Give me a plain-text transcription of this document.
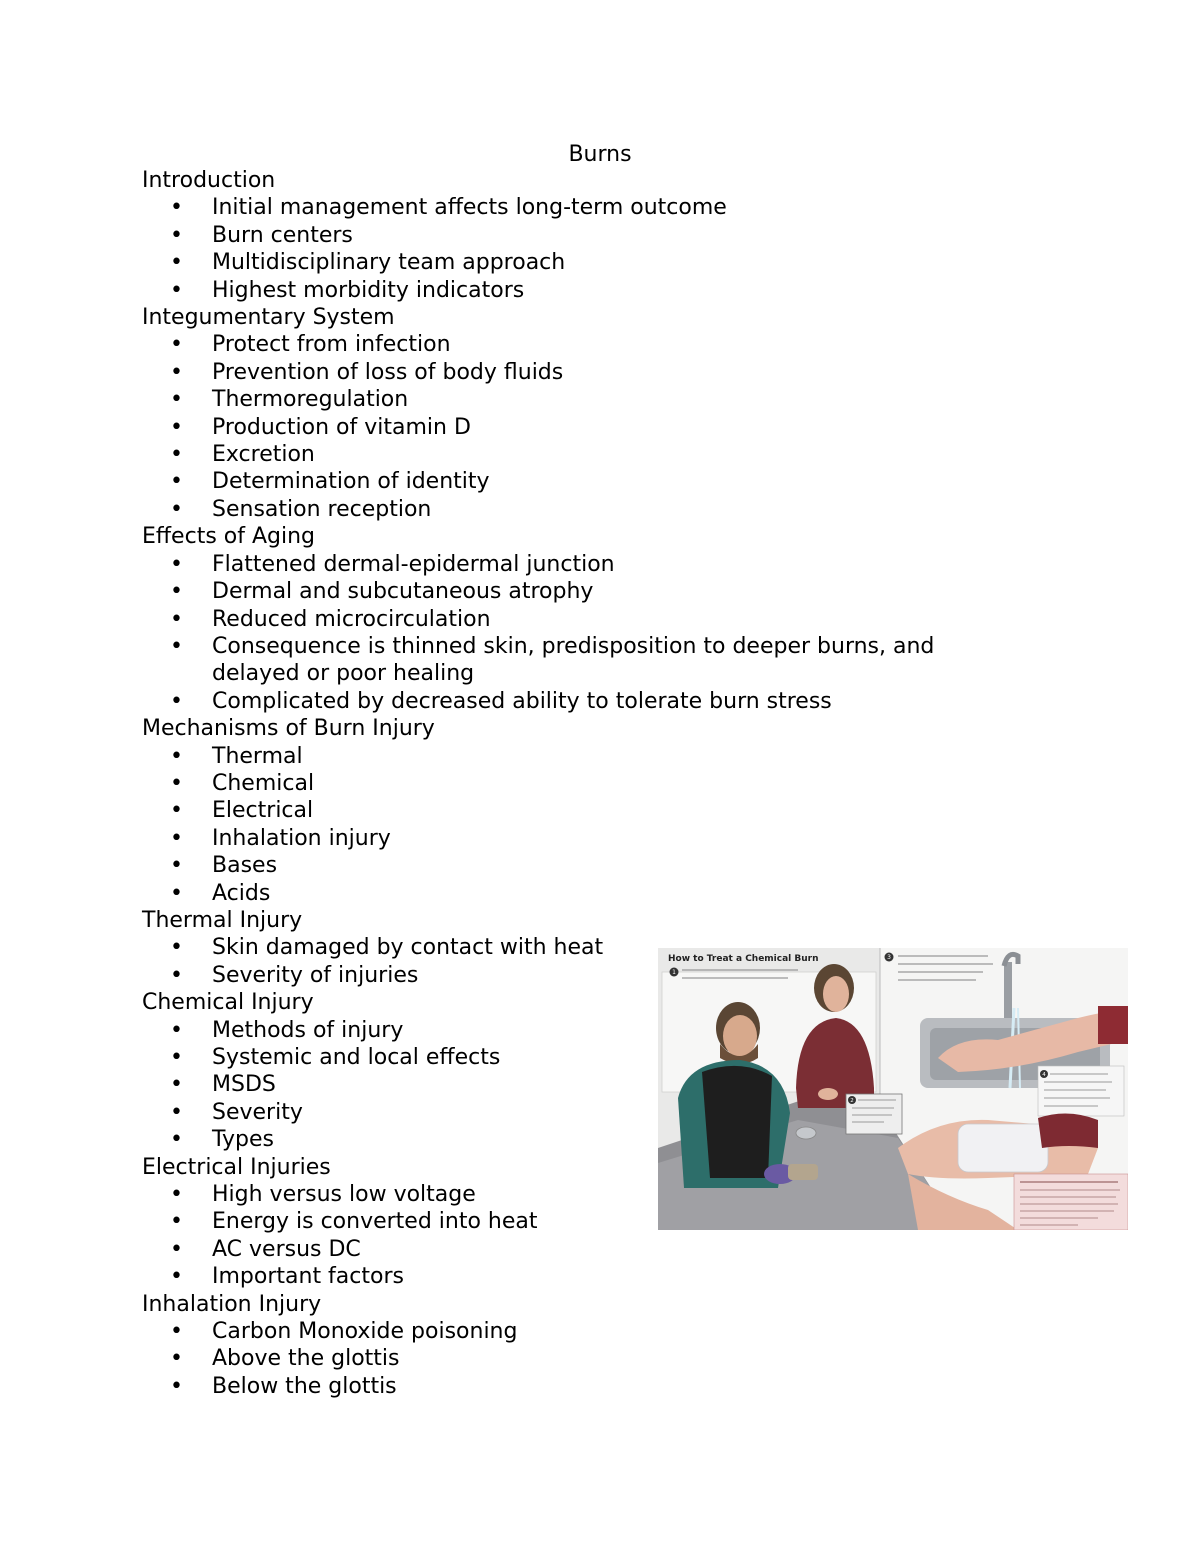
Burns
Introduction
• Initial management affects long-term outcome
• Burn centers
• Multidisciplinary team approach
• Highest morbidity indicators
Integumentary System
• Protect from infection
• Prevention of loss of body fluids
• Thermoregulation
• Production of vitamin D
• Excretion
• Determination of identity
• Sensation reception
Effects of Aging
• Flattened dermal-epidermal junction
• Dermal and subcutaneous atrophy
• Reduced microcirculation
• Consequence is thinned skin, predisposition to deeper burns, and delayed or poor healing
• Complicated by decreased ability to tolerate burn stress
Mechanisms of Burn Injury
• Thermal
• Chemical
• Electrical
• Inhalation injury
• Bases
• Acids
Thermal Injury
• Skin damaged by contact with heat
• Severity of injuries
Chemical Injury
• Methods of injury
• Systemic and local effects
• MSDS
• Severity
• Types
Electrical Injuries
• High versus low voltage
• Energy is converted into heat
• AC versus DC
• Important factors
Inhalation Injury
• Carbon Monoxide poisoning
• Above the glottis
• Below the glottis
How to Treat a Chemical Burn
1
3
2
4
